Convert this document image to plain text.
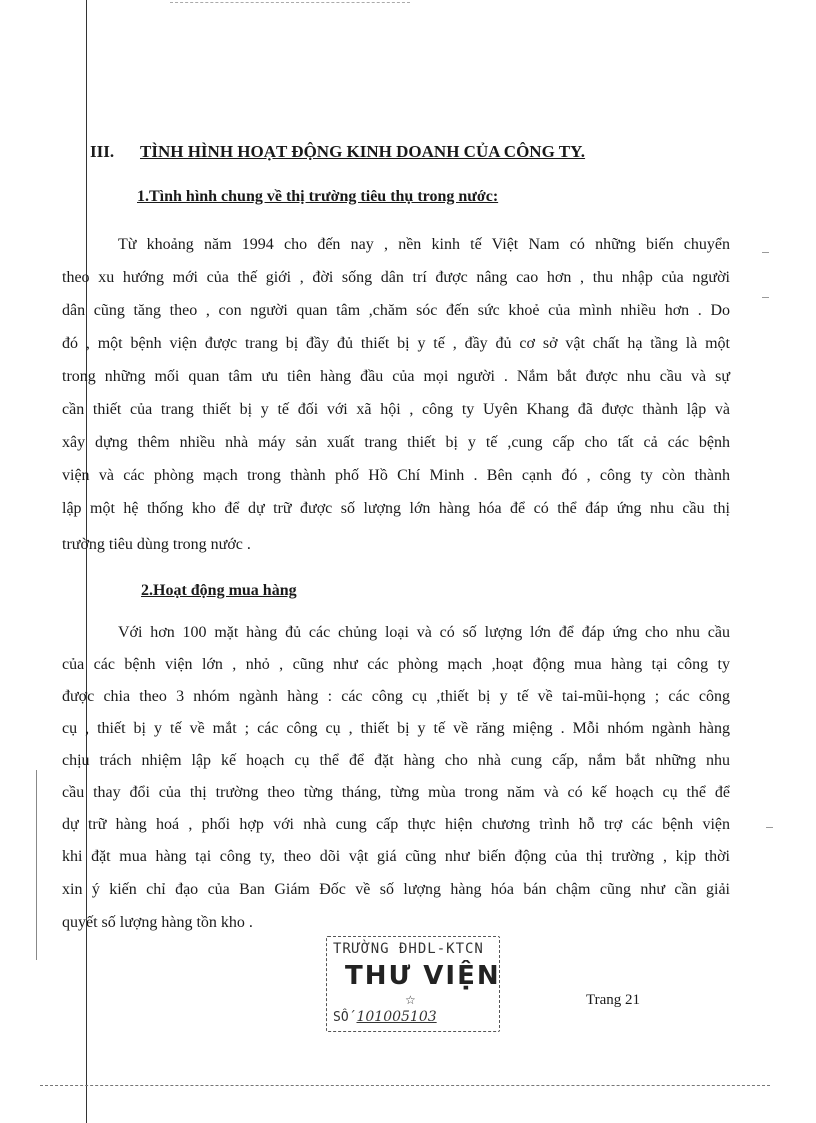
III. TÌNH HÌNH HOẠT ĐỘNG KINH DOANH CỦA CÔNG TY.
1.Tình hình chung về thị trường tiêu thụ trong nước:
Từ khoảng năm 1994 cho đến nay , nền kinh tế Việt Nam có những biến chuyển
theo xu hướng mới của thế giới , đời sống dân trí được nâng cao hơn , thu nhập của người
dân cũng tăng theo , con người quan tâm ,chăm sóc đến sức khoẻ của mình nhiều hơn . Do
đó , một bệnh viện được trang bị đầy đủ thiết bị y tế , đầy đủ cơ sở vật chất hạ tầng là một
trong những mối quan tâm ưu tiên hàng đầu của mọi người . Nắm bắt được nhu cầu và sự
cần thiết của trang thiết bị y tế đối với xã hội , công ty Uyên Khang đã được thành lập và
xây dựng thêm nhiều nhà máy sản xuất trang thiết bị y tế ,cung cấp cho tất cả các bệnh
viện và các phòng mạch trong thành phố Hồ Chí Minh . Bên cạnh đó , công ty còn thành
lập một hệ thống kho để dự trữ được số lượng lớn hàng hóa để có thể đáp ứng nhu cầu thị
trường tiêu dùng trong nước .
2.Hoạt động mua hàng
Với hơn 100 mặt hàng đủ các chủng loại và có số lượng lớn để đáp ứng cho nhu cầu
của các bệnh viện lớn , nhỏ , cũng như các phòng mạch ,hoạt động mua hàng tại công ty
được chia theo 3 nhóm ngành hàng : các công cụ ,thiết bị y tế về tai-mũi-họng ; các công
cụ , thiết bị y tế về mắt ; các công cụ , thiết bị y tế về răng miệng . Mỗi nhóm ngành hàng
chịu trách nhiệm lập kế hoạch cụ thể để đặt hàng cho nhà cung cấp, nắm bắt những nhu
cầu thay đổi của thị trường theo từng tháng, từng mùa trong năm và có kế hoạch cụ thể để
dự trữ hàng hoá , phối hợp với nhà cung cấp thực hiện chương trình hỗ trợ các bệnh viện
khi đặt mua hàng tại công ty, theo dõi vật giá cũng như biến động của thị trường , kịp thời
xin ý kiến chỉ đạo của Ban Giám Đốc về số lượng hàng hóa bán chậm cũng như cần giải
quyết số lượng hàng tồn kho .
TRƯỜNG ĐHDL-KTCN
THƯ VIỆN
☆
SỐ 101005103
Trang 21
